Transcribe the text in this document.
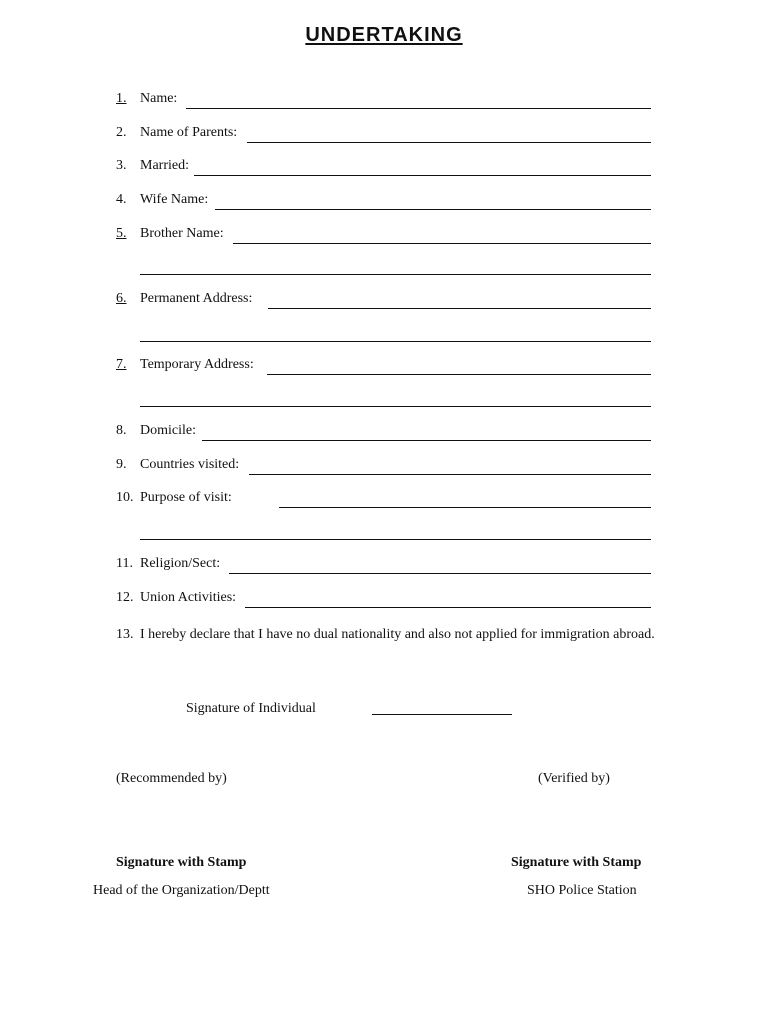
UNDERTAKING
1. Name:
2. Name of Parents:
3. Married:
4. Wife Name:
5. Brother Name:
6. Permanent Address:
7. Temporary Address:
8. Domicile:
9. Countries visited:
10. Purpose of visit:
11. Religion/Sect:
12. Union Activities:
13. I hereby declare that I have no dual nationality and also not applied for immigration abroad.
Signature of Individual
(Recommended by)	(Verified by)
Signature with Stamp
Head of the Organization/Deptt
Signature with Stamp
SHO Police Station
